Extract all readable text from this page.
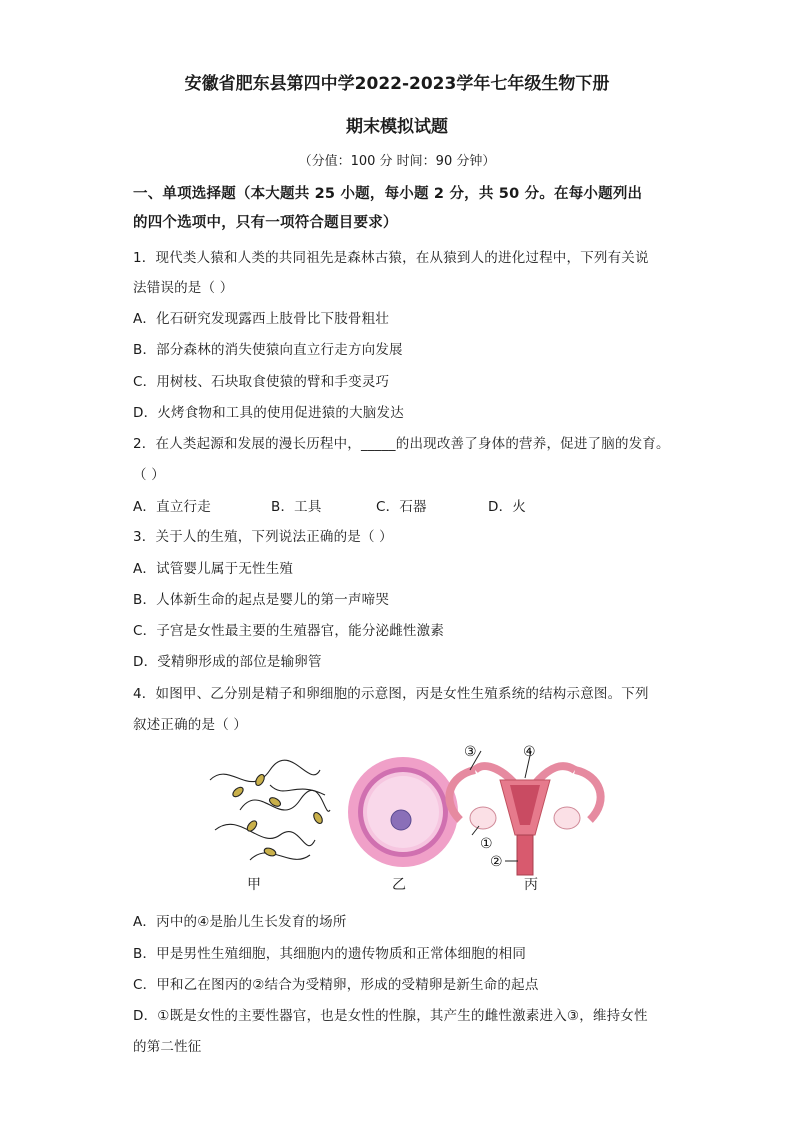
安徽省肥东县第四中学2022-2023学年七年级生物下册
期末模拟试题
（分值：100 分 时间：90 分钟）
一、单项选择题（本大题共 25 小题，每小题 2 分，共 50 分。在每小题列出
的四个选项中，只有一项符合题目要求）
1．现代类人猿和人类的共同祖先是森林古猿，在从猿到人的进化过程中，下列有关说
法错误的是（ ）
A．化石研究发现露西上肢骨比下肢骨粗壮
B．部分森林的消失使猿向直立行走方向发展
C．用树枝、石块取食使猿的臂和手变灵巧
D．火烤食物和工具的使用促进猿的大脑发达
2．在人类起源和发展的漫长历程中，_____的出现改善了身体的营养，促进了脑的发育。
（ ）
A．直立行走	B．工具	C．石器	D．火
3．关于人的生殖，下列说法正确的是（ ）
A．试管婴儿属于无性生殖
B．人体新生命的起点是婴儿的第一声啼哭
C．子宫是女性最主要的生殖器官，能分泌雌性激素
D．受精卵形成的部位是输卵管
4．如图甲、乙分别是精子和卵细胞的示意图，丙是女性生殖系统的结构示意图。下列
叙述正确的是（ ）
③	④
①
②
甲	乙	丙
A．丙中的④是胎儿生长发育的场所
B．甲是男性生殖细胞，其细胞内的遗传物质和正常体细胞的相同
C．甲和乙在图丙的②结合为受精卵，形成的受精卵是新生命的起点
D．①既是女性的主要性器官，也是女性的性腺，其产生的雌性激素进入③，维持女性
的第二性征
